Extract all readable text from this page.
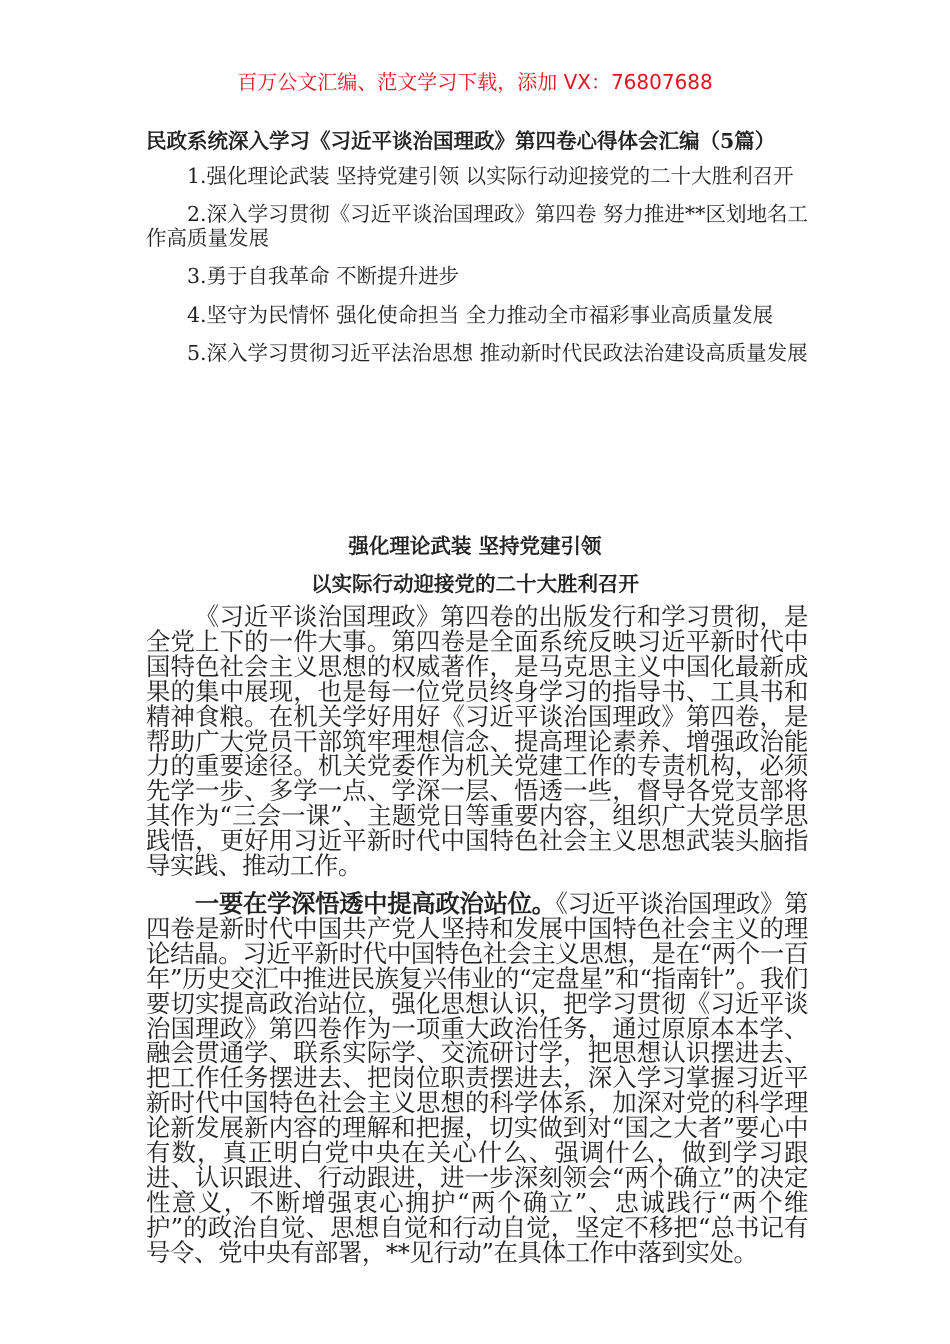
百万公文汇编、范文学习下载，添加 VX：76807688
民政系统深入学习《习近平谈治国理政》第四卷心得体会汇编（5篇）

1.强化理论武装 坚持党建引领 以实际行动迎接党的二十大胜利召开

2.深入学习贯彻《习近平谈治国理政》第四卷 努力推进**区划地名工作高质量发展

3.勇于自我革命 不断提升进步

4.坚守为民情怀 强化使命担当 全力推动全市福彩事业高质量发展

5.深入学习贯彻习近平法治思想 推动新时代民政法治建设高质量发展

强化理论武装 坚持党建引领
以实际行动迎接党的二十大胜利召开

《习近平谈治国理政》第四卷的出版发行和学习贯彻，是全党上下的一件大事。第四卷是全面系统反映习近平新时代中国特色社会主义思想的权威著作，是马克思主义中国化最新成果的集中展现，也是每一位党员终身学习的指导书、工具书和精神食粮。在机关学好用好《习近平谈治国理政》第四卷，是帮助广大党员干部筑牢理想信念、提高理论素养、增强政治能力的重要途径。机关党委作为机关党建工作的专责机构，必须先学一步、多学一点、学深一层、悟透一些，督导各党支部将其作为“三会一课”、主题党日等重要内容，组织广大党员学思践悟，更好用习近平新时代中国特色社会主义思想武装头脑指导实践、推动工作。

一要在学深悟透中提高政治站位。《习近平谈治国理政》第四卷是新时代中国共产党人坚持和发展中国特色社会主义的理论结晶。习近平新时代中国特色社会主义思想，是在“两个一百年”历史交汇中推进民族复兴伟业的“定盘星”和“指南针”。我们要切实提高政治站位，强化思想认识，把学习贯彻《习近平谈治国理政》第四卷作为一项重大政治任务，通过原原本本学、融会贯通学、联系实际学、交流研讨学，把思想认识摆进去、把工作任务摆进去、把岗位职责摆进去，深入学习掌握习近平新时代中国特色社会主义思想的科学体系，加深对党的科学理论新发展新内容的理解和把握，切实做到对“国之大者”要心中有数，真正明白党中央在关心什么、强调什么，做到学习跟进、认识跟进、行动跟进，进一步深刻领会“两个确立”的决定性意义，不断增强衷心拥护“两个确立”、忠诚践行“两个维护”的政治自觉、思想自觉和行动自觉，坚定不移把“总书记有号令、党中央有部署，**见行动”在具体工作中落到实处。
